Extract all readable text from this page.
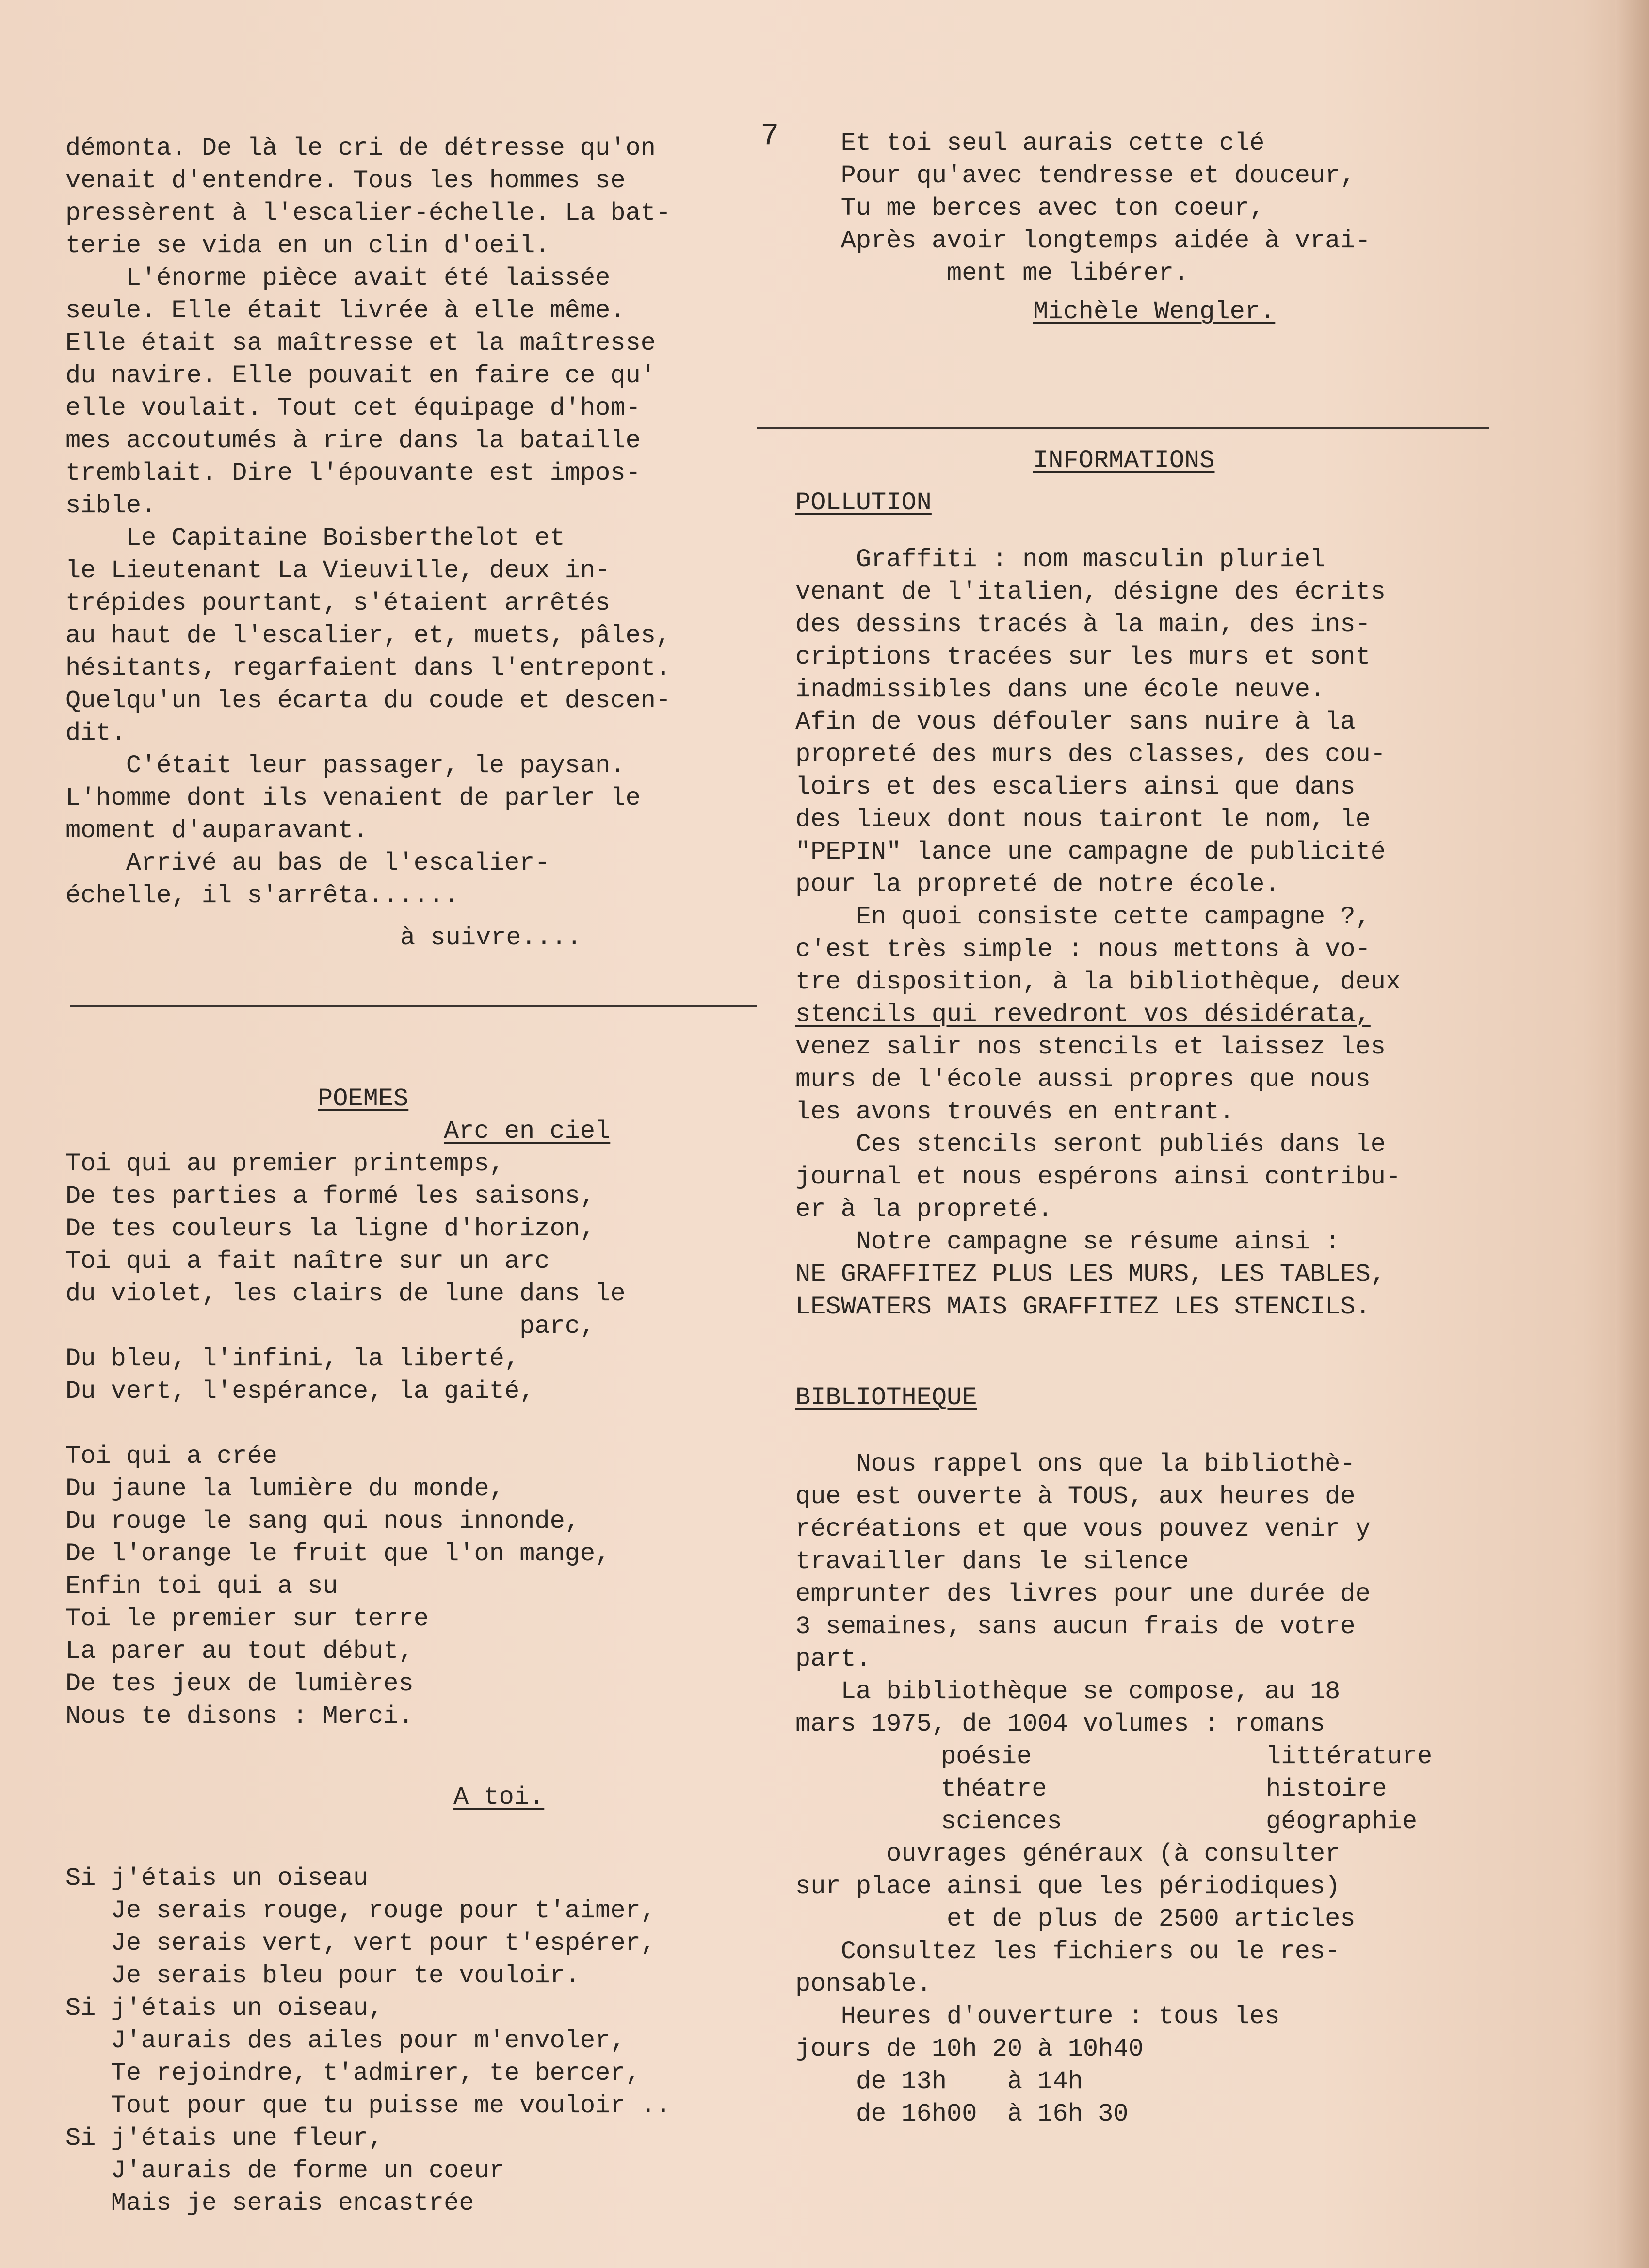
7
démonta. De là le cri de détresse qu'on
venait d'entendre. Tous les hommes se
pressèrent à l'escalier-échelle. La bat-
terie se vida en un clin d'oeil.
L'énorme pièce avait été laissée
seule. Elle était livrée à elle même.
Elle était sa maîtresse et la maîtresse
du navire. Elle pouvait en faire ce qu'
elle voulait. Tout cet équipage d'hom-
mes accoutumés à rire dans la bataille
tremblait. Dire l'épouvante est impos-
sible.
Le Capitaine Boisberthelot et
le Lieutenant La Vieuville, deux in-
trépides pourtant, s'étaient arrêtés
au haut de l'escalier, et, muets, pâles,
hésitants, regarfaient dans l'entrepont.
Quelqu'un les écarta du coude et descen-
dit.
C'était leur passager, le paysan.
L'homme dont ils venaient de parler le
moment d'auparavant.
Arrivé au bas de l'escalier-
échelle, il s'arrêta......
à suivre....
POEMES
Arc en ciel
Toi qui au premier printemps,
De tes parties a formé les saisons,
De tes couleurs la ligne d'horizon,
Toi qui a fait naître sur un arc
du violet, les clairs de lune dans le
parc,
Du bleu, l'infini, la liberté,
Du vert, l'espérance, la gaité,
Toi qui a crée
Du jaune la lumière du monde,
Du rouge le sang qui nous innonde,
De l'orange le fruit que l'on mange,
Enfin toi qui a su
Toi le premier sur terre
La parer au tout début,
De tes jeux de lumières
Nous te disons : Merci.
A toi.
Si j'étais un oiseau
Je serais rouge, rouge pour t'aimer,
Je serais vert, vert pour t'espérer,
Je serais bleu pour te vouloir.
Si j'étais un oiseau,
J'aurais des ailes pour m'envoler,
Te rejoindre, t'admirer, te bercer,
Tout pour que tu puisse me vouloir ..
Si j'étais une fleur,
J'aurais de forme un coeur
Mais je serais encastrée
Et toi seul aurais cette clé
Pour qu'avec tendresse et douceur,
Tu me berces avec ton coeur,
Après avoir longtemps aidée à vrai-
ment me libérer.
Michèle Wengler.
INFORMATIONS
POLLUTION
Graffiti : nom masculin pluriel
venant de l'italien, désigne des écrits
des dessins tracés à la main, des ins-
criptions tracées sur les murs et sont
inadmissibles dans une école neuve.
Afin de vous défouler sans nuire à la
propreté des murs des classes, des cou-
loirs et des escaliers ainsi que dans
des lieux dont nous tairont le nom, le
"PEPIN" lance une campagne de publicité
pour la propreté de notre école.
En quoi consiste cette campagne ?,
c'est très simple : nous mettons à vo-
tre disposition, à la bibliothèque, deux
stencils qui revedront vos désidérata,
venez salir nos stencils et laissez les
murs de l'école aussi propres que nous
les avons trouvés en entrant.
Ces stencils seront publiés dans le
journal et nous espérons ainsi contribu-
er à la propreté.
Notre campagne se résume ainsi :
NE GRAFFITEZ PLUS LES MURS, LES TABLES,
LESWATERS MAIS GRAFFITEZ LES STENCILS.
BIBLIOTHEQUE
Nous rappel ons que la bibliothè-
que est ouverte à TOUS, aux heures de
récréations et que vous pouvez venir y
travailler dans le silence
emprunter des livres pour une durée de
3 semaines, sans aucun frais de votre
part.
La bibliothèque se compose, au 18
mars 1975, de 1004 volumes : romans
poésie	littérature
théatre	histoire
sciences	géographie
ouvrages généraux (à consulter
sur place ainsi que les périodiques)
et de plus de 2500 articles
Consultez les fichiers ou le res-
ponsable.
Heures d'ouverture : tous les
jours de 10h 20 à 10h40
de 13h    à 14h
de 16h00  à 16h 30
